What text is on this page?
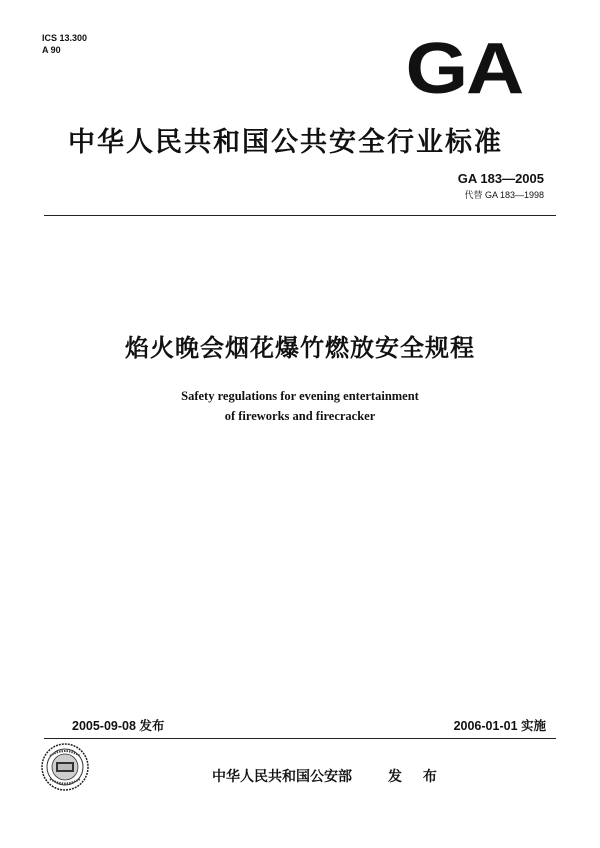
ICS 13.300
A 90	GA
中华人民共和国公共安全行业标准
GA 183—2005
代替 GA 183—1998
焰火晚会烟花爆竹燃放安全规程
Safety regulations for evening entertainment
of fireworks and firecracker
2005-09-08 发布	2006-01-01 实施
中华人民共和国公安部	发 布
